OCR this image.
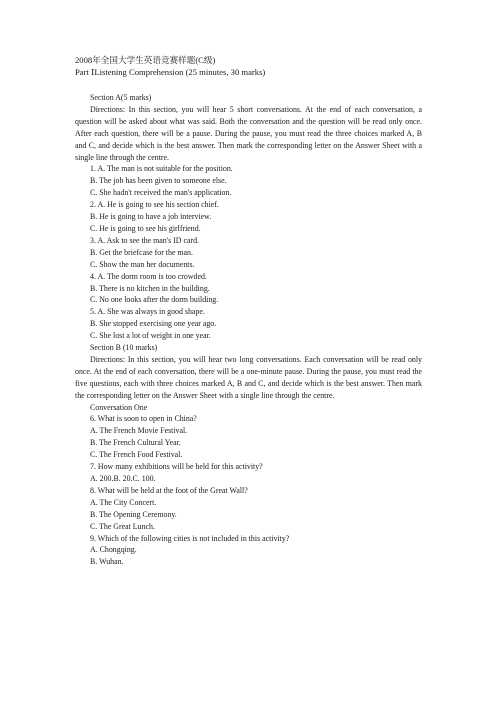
2008年全国大学生英语竞赛样题(C级)

Part ⅠListening Comprehension (25 minutes, 30 marks)

Section A(5 marks)

Directions: In this section, you will hear 5 short conversations. At the end of each conversation, a question will be asked about what was said. Both the conversation and the question will be read only once. After each question, there will be a pause. During the pause, you must read the three choices marked A, B and C, and decide which is the best answer. Then mark the corresponding letter on the Answer Sheet with a single line through the centre.

1. A. The man is not suitable for the position.

B. The job has been given to someone else.

C. She hadn't received the man's application.

2. A. He is going to see his section chief.

B. He is going to have a job interview.

C. He is going to see his girlfriend.

3. A. Ask to see the man's ID card.

B. Get the briefcase for the man.

C. Show the man her documents.

4. A. The dorm room is too crowded.

B. There is no kitchen in the building.

C. No one looks after the dorm building.

5. A. She was always in good shape.

B. She stopped exercising one year ago.

C. She lost a lot of weight in one year.

Section B (10 marks)

Directions: In this section, you will hear two long conversations. Each conversation will be read only once. At the end of each conversation, there will be a one-minute pause. During the pause, you must read the five questions, each with three choices marked A, B and C, and decide which is the best answer. Then mark the corresponding letter on the Answer Sheet with a single line through the centre.

Conversation One

6. What is soon to open in China?

A. The French Movie Festival.

B. The French Cultural Year.

C. The French Food Festival.

7. How many exhibitions will be held for this activity?

A. 200.B. 20.C. 100.

8. What will be held at the foot of the Great Wall?

A. The City Concert.

B. The Opening Ceremony.

C. The Great Lunch.

9. Which of the following cities is not included in this activity?

A. Chongqing.

B. Wuhan.
